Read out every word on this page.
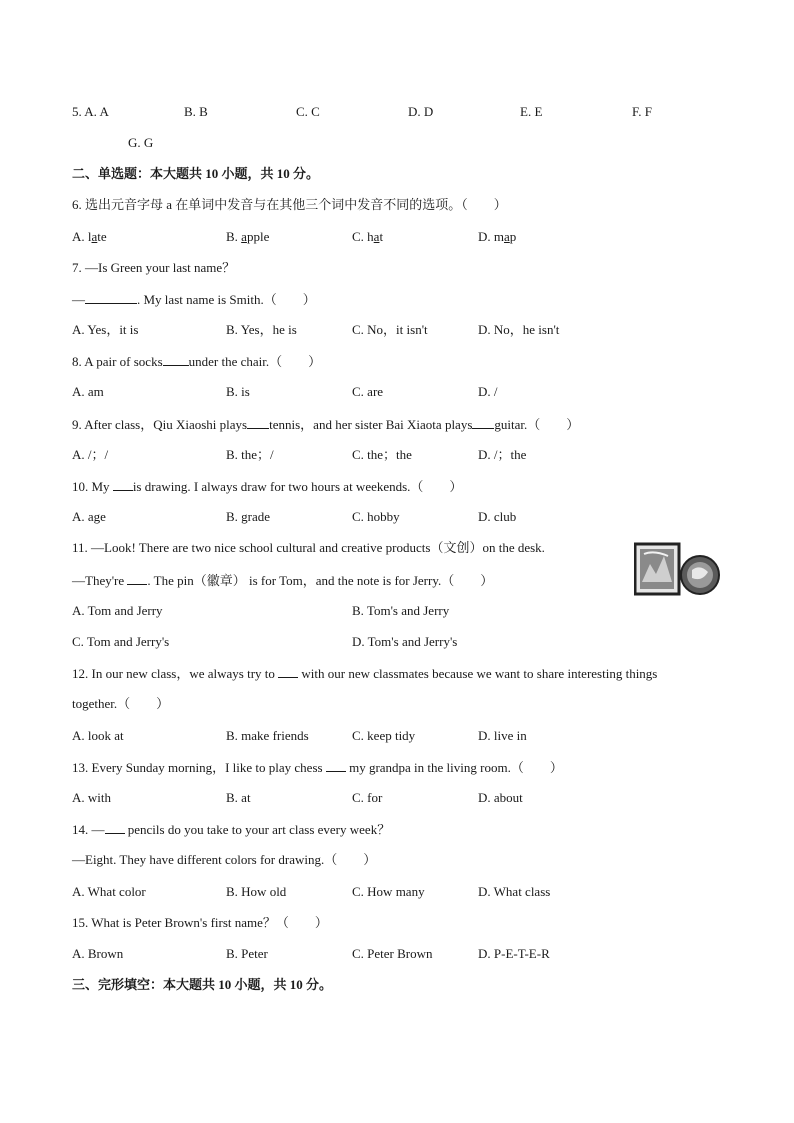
5. A. A	B. B	C. C	D. D	E. E	F. F
G. G
二、单选题：本大题共 10 小题，共 10 分。
6. 选出元音字母 a 在单词中发音与在其他三个词中发音不同的选项。（　　）
A. late	B. apple	C. hat	D. map
7. —Is Green your last name？
—	. My last name is Smith.（　　）
A. Yes，it is	B. Yes，he is	C. No，it isn't	D. No，he isn't
8. A pair of socks under the chair.（　　）
A. am	B. is	C. are	D. /
9. After class，Qiu Xiaoshi plays tennis，and her sister Bai Xiaota plays guitar.（　　）
A. /；/	B. the；/	C. the；the	D. /；the
10. My is drawing. I always draw for two hours at weekends.（　　）
A. age	B. grade	C. hobby	D. club
11. —Look! There are two nice school cultural and creative products（文创）on the desk.
—They're . The pin（徽章） is for Tom，and the note is for Jerry.（　　）
A. Tom and Jerry	B. Tom's and Jerry
C. Tom and Jerry's	D. Tom's and Jerry's
12. In our new class，we always try to  with our new classmates because we want to share interesting things
together.（　　）
A. look at	B. make friends	C. keep tidy	D. live in
13. Every Sunday morning，I like to play chess  my grandpa in the living room.（　　）
A. with	B. at	C. for	D. about
14. — pencils do you take to your art class every week？
—Eight. They have different colors for drawing.（　　）
A. What color	B. How old	C. How many	D. What class
15. What is Peter Brown's first name？（　　）
A. Brown	B. Peter	C. Peter Brown	D. P-E-T-E-R
三、完形填空：本大题共 10 小题，共 10 分。
